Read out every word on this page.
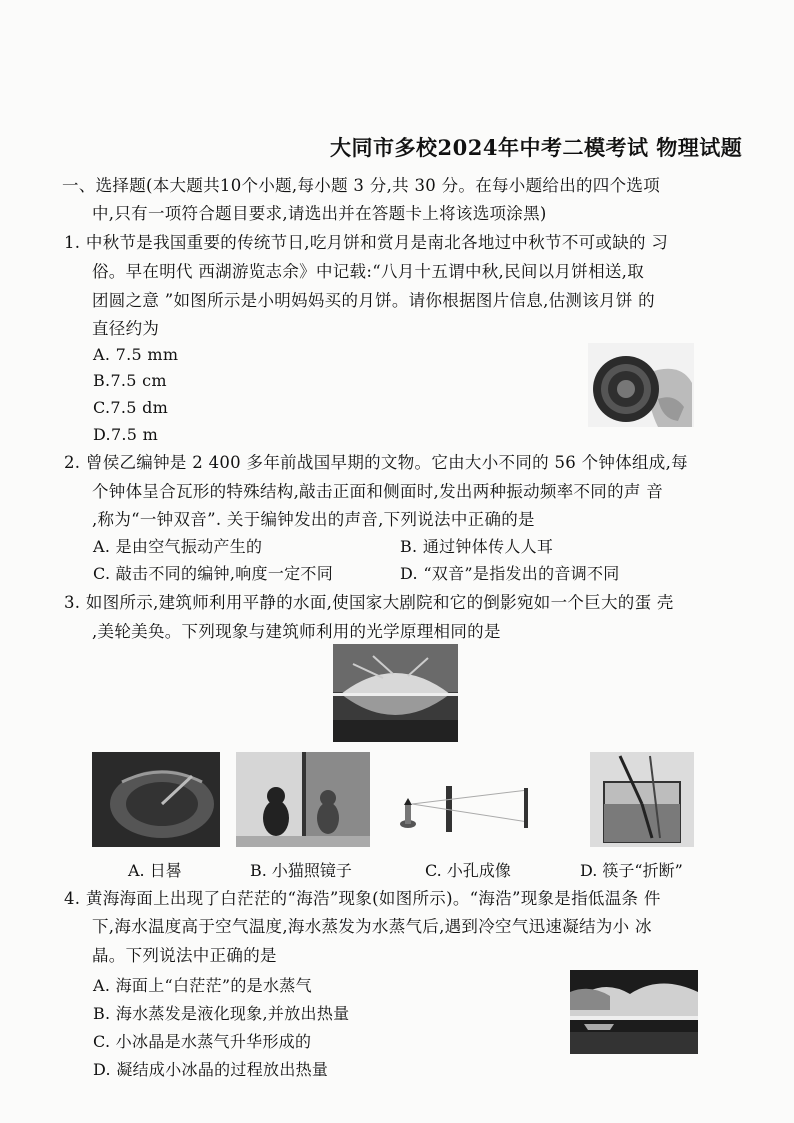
大同市多校2024年中考二模考试 物理试题
一、选择题(本大题共10个小题,每小题 3 分,共 30 分。在每小题给出的四个选项
中,只有一项符合题目要求,请选出并在答题卡上将该选项涂黑)
1. 中秋节是我国重要的传统节日,吃月饼和赏月是南北各地过中秋节不可或缺的 习
俗。早在明代 西湖游览志余》中记载:“八月十五谓中秋,民间以月饼相送,取
团圆之意 ”如图所示是小明妈妈买的月饼。请你根据图片信息,估测该月饼 的
直径约为
A. 7.5 mm
B.7.5 cm
C.7.5 dm
D.7.5 m
2. 曾侯乙编钟是 2 400 多年前战国早期的文物。它由大小不同的 56 个钟体组成,每
个钟体呈合瓦形的特殊结构,敲击正面和侧面时,发出两种振动频率不同的声 音
,称为“一钟双音”. 关于编钟发出的声音,下列说法中正确的是
A. 是由空气振动产生的	B. 通过钟体传人人耳
C. 敲击不同的编钟,响度一定不同	D. “双音”是指发出的音调不同
3. 如图所示,建筑师利用平静的水面,使国家大剧院和它的倒影宛如一个巨大的蛋 壳
,美轮美奂。下列现象与建筑师利用的光学原理相同的是
A. 日晷	B. 小猫照镜子	C. 小孔成像	D. 筷子“折断”
4. 黄海海面上出现了白茫茫的“海浩”现象(如图所示)。“海浩”现象是指低温条 件
下,海水温度高于空气温度,海水蒸发为水蒸气后,遇到冷空气迅速凝结为小 冰
晶。下列说法中正确的是
A. 海面上“白茫茫”的是水蒸气
B. 海水蒸发是液化现象,并放出热量
C. 小冰晶是水蒸气升华形成的
D. 凝结成小冰晶的过程放出热量
